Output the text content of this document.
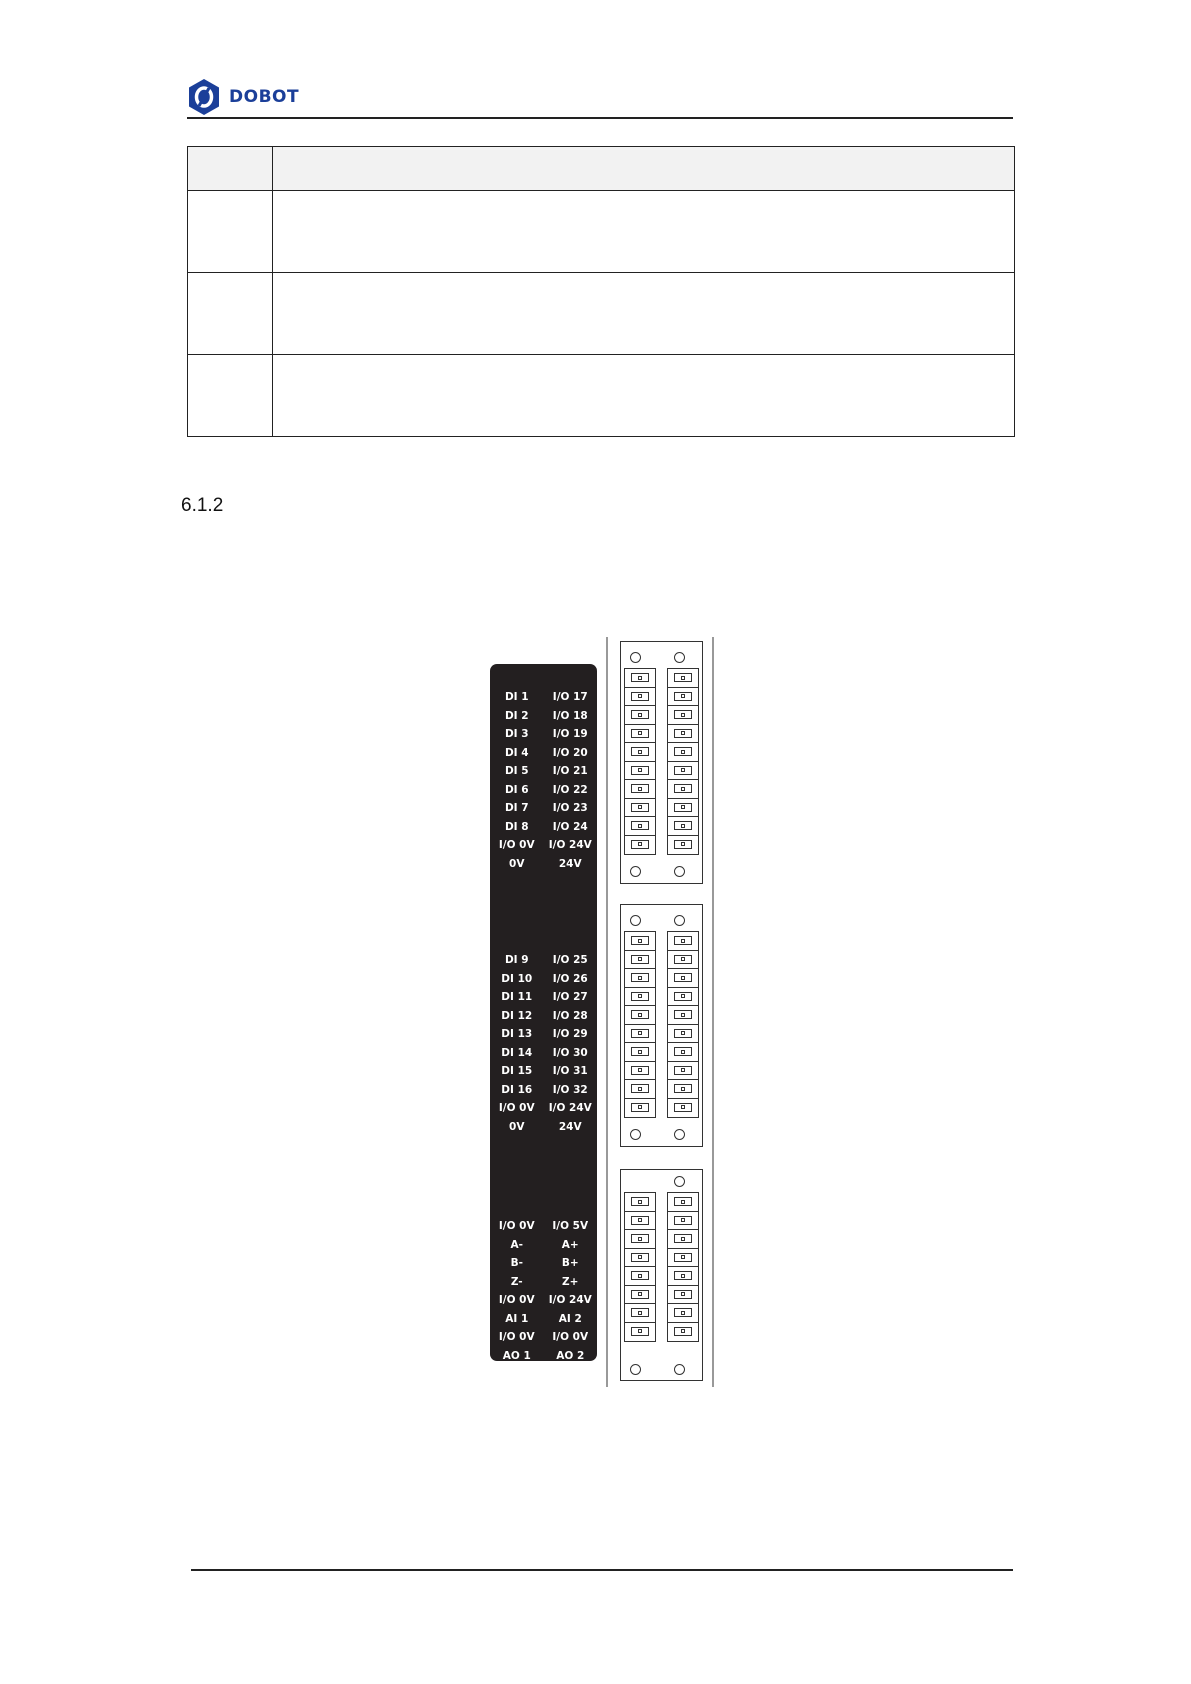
DOBOT

6.1.2
DI 1	I/O 17
DI 2	I/O 18
DI 3	I/O 19
DI 4	I/O 20
DI 5	I/O 21
DI 6	I/O 22
DI 7	I/O 23
DI 8	I/O 24
I/O 0V	I/O 24V
0V	24V
DI 9	I/O 25
DI 10	I/O 26
DI 11	I/O 27
DI 12	I/O 28
DI 13	I/O 29
DI 14	I/O 30
DI 15	I/O 31
DI 16	I/O 32
I/O 0V	I/O 24V
0V	24V
I/O 0V	I/O 5V
A-	A+
B-	B+
Z-	Z+
I/O 0V	I/O 24V
AI 1	AI 2
I/O 0V	I/O 0V
AO 1	AO 2
